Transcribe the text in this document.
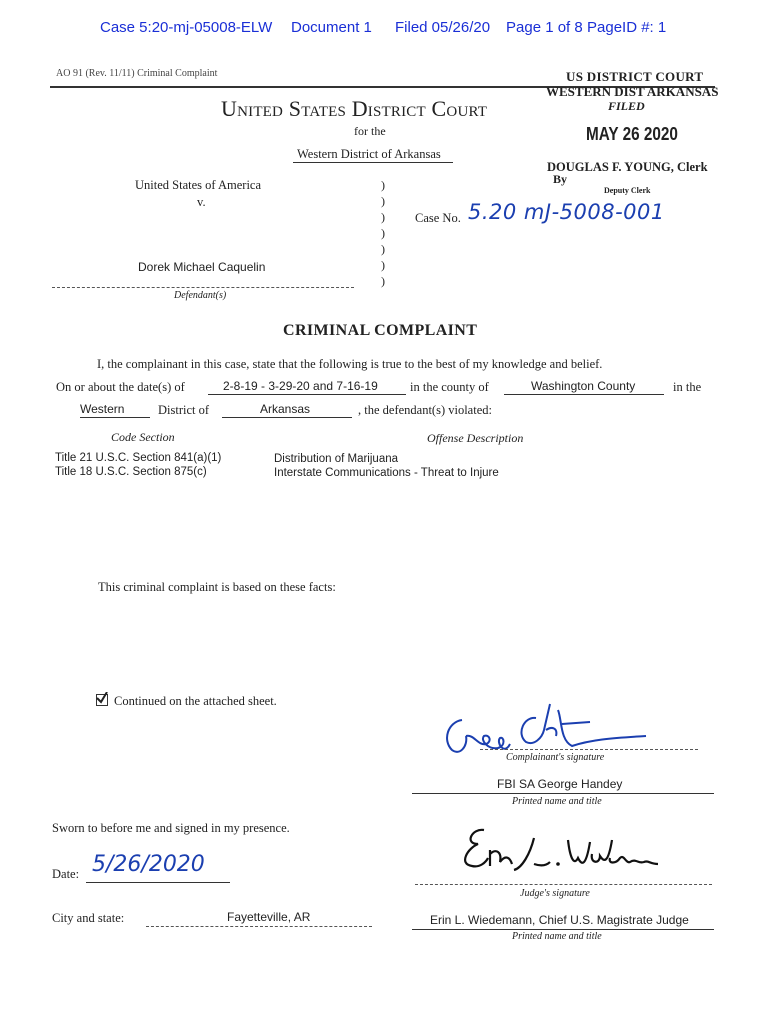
Case 5:20-mj-05008-ELW Document 1 Filed 05/26/20 Page 1 of 8 PageID #: 1
AO 91 (Rev. 11/11) Criminal Complaint	US DISTRICT COURT
WESTERN DIST ARKANSAS
FILED
MAY 26 2020
DOUGLAS F. YOUNG, Clerk
By
Deputy Clerk
United States District Court
for the
Western District of Arkansas
United States of America
v.
Dorek Michael Caquelin
Defendant(s)
)
)
)
)
)
)
)
Case No. 5.20 mJ-5008-001
CRIMINAL COMPLAINT
I, the complainant in this case, state that the following is true to the best of my knowledge and belief.
On or about the date(s) of	2-8-19 - 3-29-20 and 7-16-19	in the county of	Washington County	in the
Western	District of	Arkansas	, the defendant(s) violated:
Code Section	Offense Description
Title 21 U.S.C. Section 841(a)(1)	Distribution of Marijuana
Title 18 U.S.C. Section 875(c)	Interstate Communications - Threat to Injure
This criminal complaint is based on these facts:
Continued on the attached sheet.
Complainant's signature
FBI SA George Handey
Printed name and title
Sworn to before me and signed in my presence.
Judge's signature
Date: 5/26/2020
City and state:	Fayetteville, AR	Erin L. Wiedemann, Chief U.S. Magistrate Judge
Printed name and title
